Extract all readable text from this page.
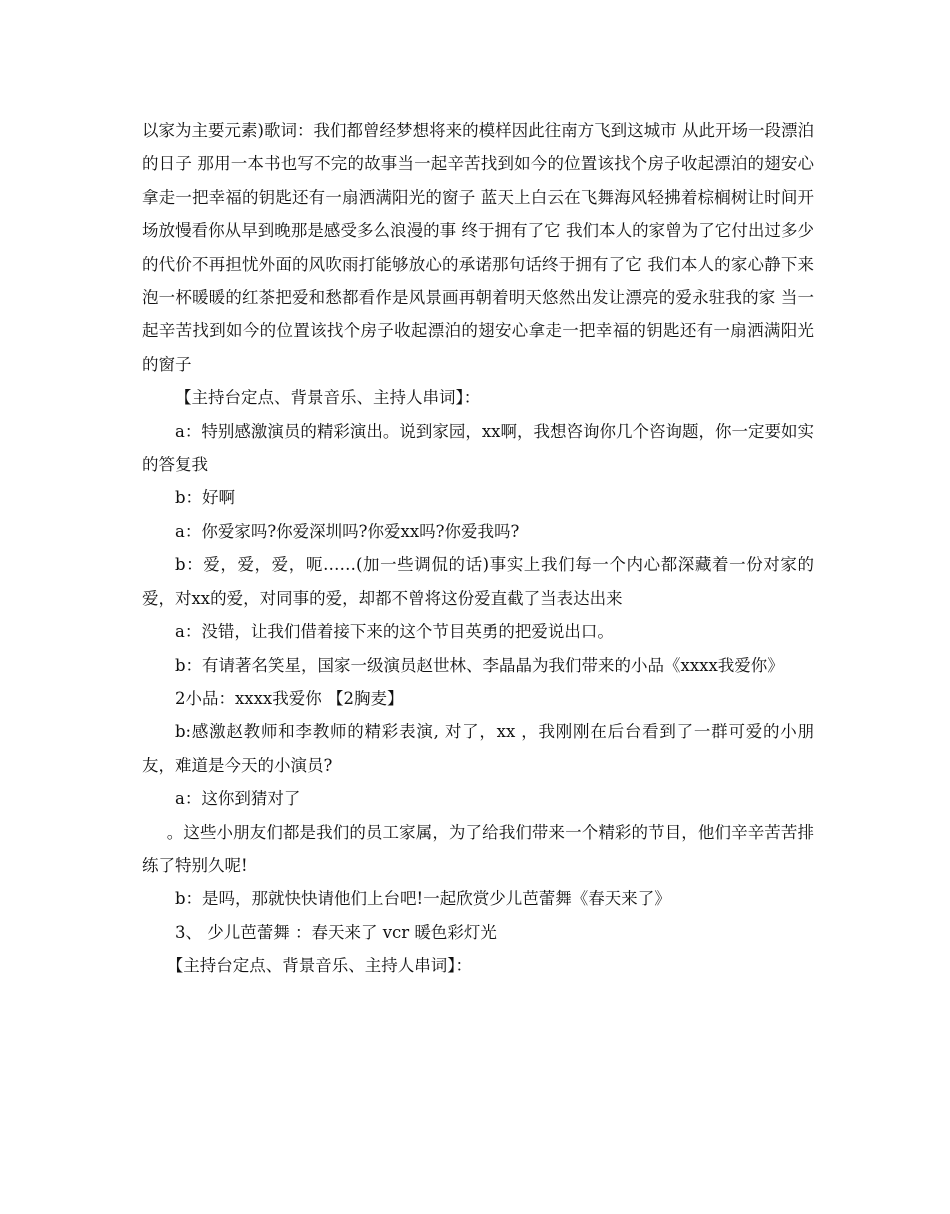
以家为主要元素)歌词：我们都曾经梦想将来的模样因此往南方飞到这城市 从此开场一段漂泊的日子 那用一本书也写不完的故事当一起辛苦找到如今的位置该找个房子收起漂泊的翅安心拿走一把幸福的钥匙还有一扇洒满阳光的窗子 蓝天上白云在飞舞海风轻拂着棕榈树让时间开场放慢看你从早到晚那是感受多么浪漫的事 终于拥有了它 我们本人的家曾为了它付出过多少的代价不再担忧外面的风吹雨打能够放心的承诺那句话终于拥有了它 我们本人的家心静下来泡一杯暖暖的红茶把爱和愁都看作是风景画再朝着明天悠然出发让漂亮的爱永驻我的家 当一起辛苦找到如今的位置该找个房子收起漂泊的翅安心拿走一把幸福的钥匙还有一扇洒满阳光的窗子

【主持台定点、背景音乐、主持人串词】：

a：特别感激演员的精彩演出。说到家园，xx啊，我想咨询你几个咨询题，你一定要如实的答复我

b：好啊

a：你爱家吗?你爱深圳吗?你爱xx吗?你爱我吗?

b：爱，爱，爱，呃……(加一些调侃的话)事实上我们每一个内心都深藏着一份对家的爱，对xx的爱，对同事的爱，却都不曾将这份爱直截了当表达出来

a：没错，让我们借着接下来的这个节目英勇的把爱说出口。

b：有请著名笑星，国家一级演员赵世林、李晶晶为我们带来的小品《xxxx我爱你》

2小品：xxxx我爱你 【2胸麦】

b:感激赵教师和李教师的精彩表演, 对了，xx ，我刚刚在后台看到了一群可爱的小朋友，难道是今天的小演员?

a：这你到猜对了

。这些小朋友们都是我们的员工家属，为了给我们带来一个精彩的节目，他们辛辛苦苦排练了特别久呢!

b：是吗，那就快快请他们上台吧!一起欣赏少儿芭蕾舞《春天来了》

3、 少儿芭蕾舞 ：春天来了 vcr 暖色彩灯光

【主持台定点、背景音乐、主持人串词】：
